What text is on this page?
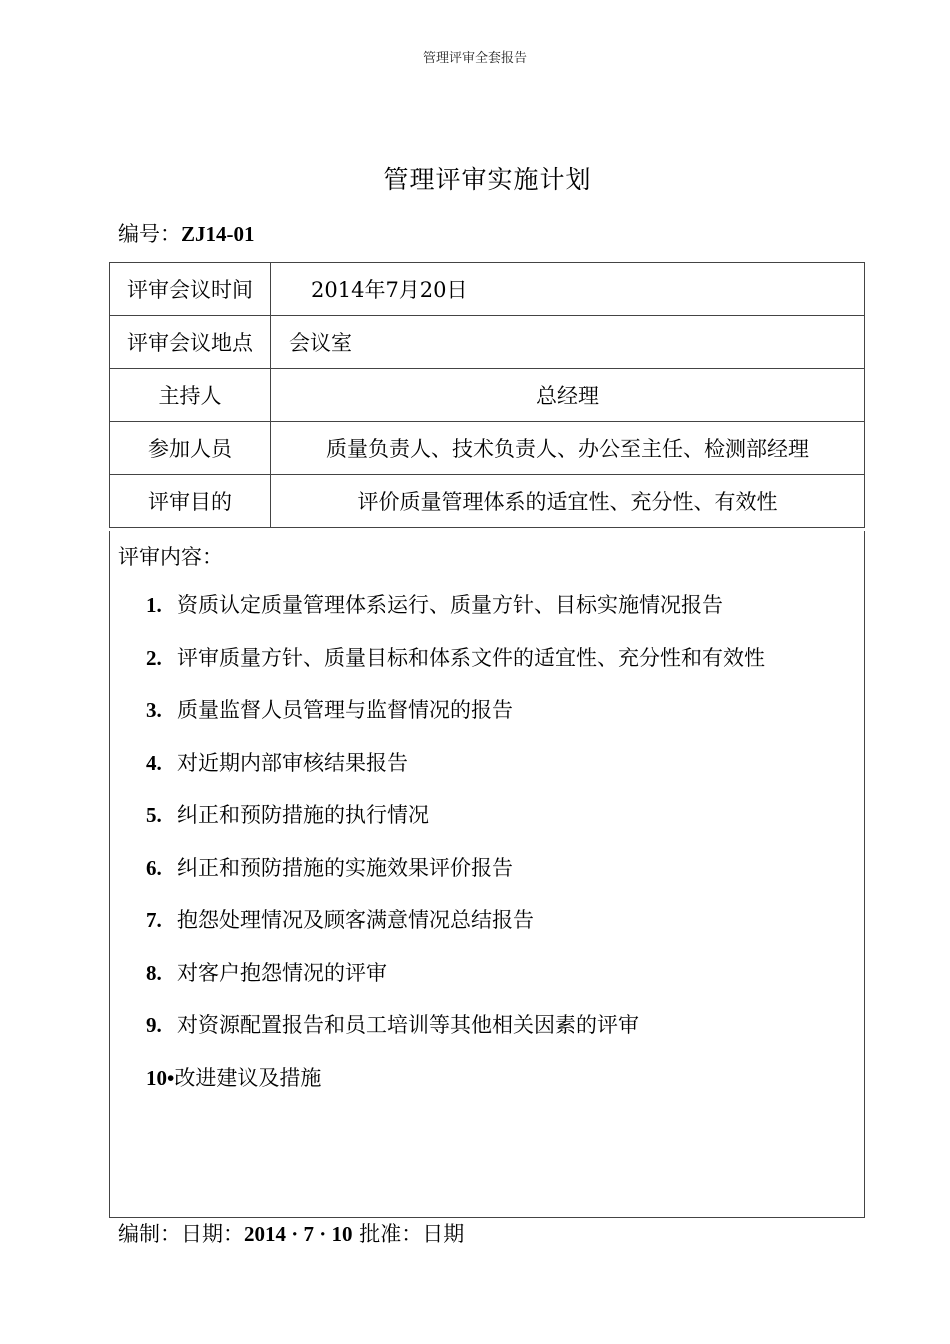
管理评审全套报告
管理评审实施计划
编号：ZJ14-01
评审会议时间	2014年7月20日
评审会议地点	会议室
主持人	总经理
参加人员	质量负责人、技术负责人、办公至主任、检测部经理
评审目的	评价质量管理体系的适宜性、充分性、有效性
评审内容：
1. 资质认定质量管理体系运行、质量方针、目标实施情况报告
2. 评审质量方针、质量目标和体系文件的适宜性、充分性和有效性
3. 质量监督人员管理与监督情况的报告
4. 对近期内部审核结果报告
5. 纠正和预防措施的执行情况
6. 纠正和预防措施的实施效果评价报告
7. 抱怨处理情况及顾客满意情况总结报告
8. 对客户抱怨情况的评审
9. 对资源配置报告和员工培训等其他相关因素的评审
10•改进建议及措施
编制：日期：2014 · 7 · 10 批准：日期
